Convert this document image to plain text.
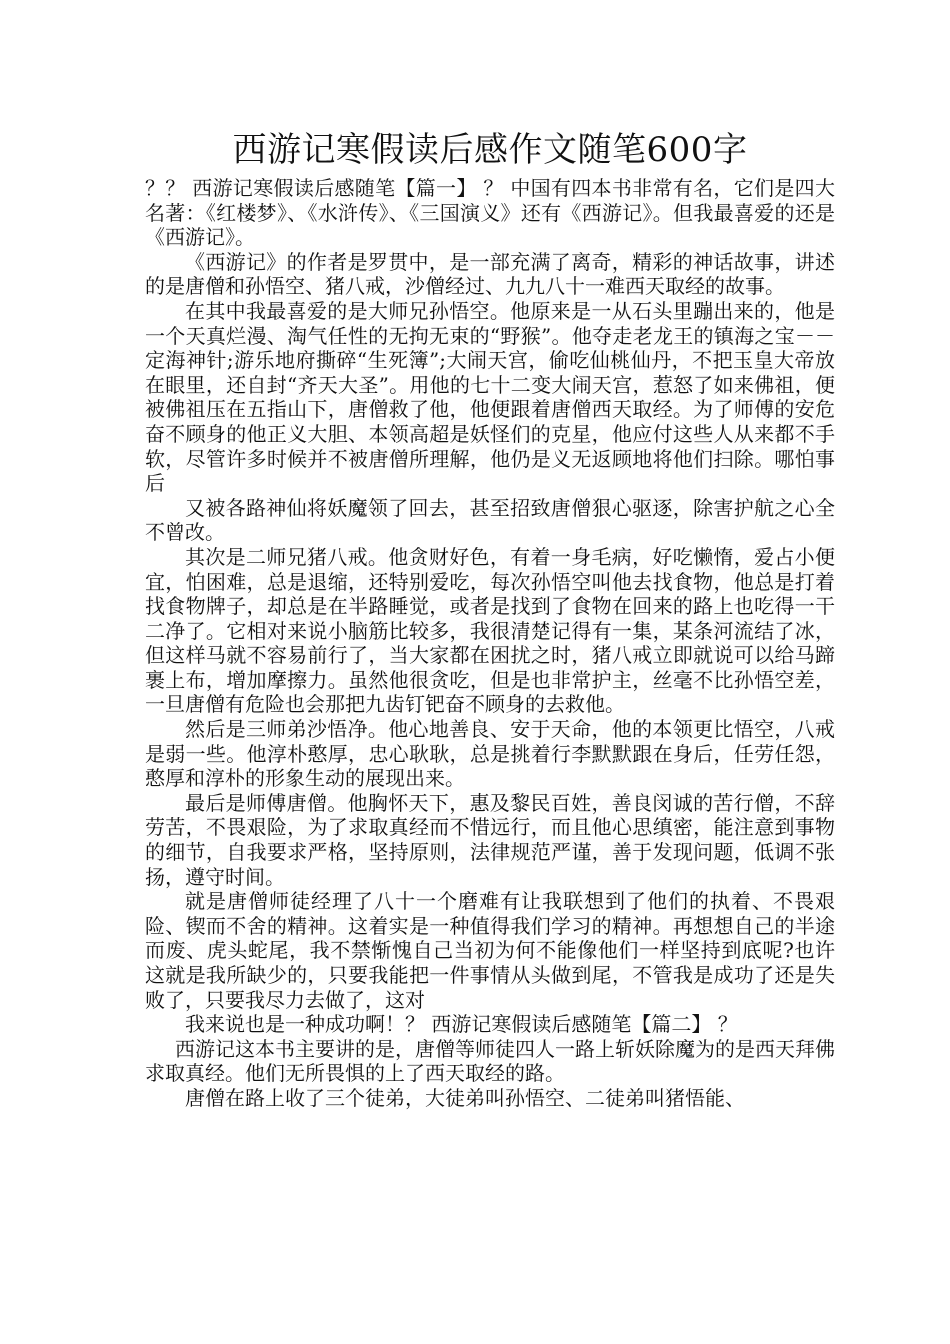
西游记寒假读后感作文随笔600字

？？ 西游记寒假读后感随笔【篇一】 ？ 中国有四本书非常有名，它们是四大名著：《红楼梦》、《水浒传》、《三国演义》还有《西游记》。但我最喜爱的还是《西游记》。

《西游记》的作者是罗贯中，是一部充满了离奇，精彩的神话故事，讲述的是唐僧和孙悟空、猪八戒，沙僧经过、九九八十一难西天取经的故事。

在其中我最喜爱的是大师兄孙悟空。他原来是一从石头里蹦出来的，他是一个天真烂漫、淘气任性的无拘无束的“野猴”。他夺走老龙王的镇海之宝－－定海神针;游乐地府撕碎“生死簿”;大闹天宫，偷吃仙桃仙丹，不把玉皇大帝放在眼里，还自封“齐天大圣”。用他的七十二变大闹天宫，惹怒了如来佛祖，便被佛祖压在五指山下，唐僧救了他，他便跟着唐僧西天取经。为了师傅的安危奋不顾身的他正义大胆、本领高超是妖怪们的克星，他应付这些人从来都不手软，尽管许多时候并不被唐僧所理解，他仍是义无返顾地将他们扫除。哪怕事后

又被各路神仙将妖魔领了回去，甚至招致唐僧狠心驱逐，除害护航之心全不曾改。

其次是二师兄猪八戒。他贪财好色，有着一身毛病，好吃懒惰，爱占小便宜，怕困难，总是退缩，还特别爱吃，每次孙悟空叫他去找食物，他总是打着找食物牌子，却总是在半路睡觉，或者是找到了食物在回来的路上也吃得一干二净了。它相对来说小脑筋比较多，我很清楚记得有一集，某条河流结了冰，但这样马就不容易前行了，当大家都在困扰之时，猪八戒立即就说可以给马蹄裹上布，增加摩擦力。虽然他很贪吃，但是也非常护主，丝毫不比孙悟空差，一旦唐僧有危险也会那把九齿钉钯奋不顾身的去救他。

然后是三师弟沙悟净。他心地善良、安于天命，他的本领更比悟空，八戒是弱一些。他淳朴憨厚，忠心耿耿，总是挑着行李默默跟在身后，任劳任怨，憨厚和淳朴的形象生动的展现出来。

最后是师傅唐僧。他胸怀天下，惠及黎民百姓，善良闵诚的苦行僧，不辞劳苦，不畏艰险，为了求取真经而不惜远行，而且他心思缜密，能注意到事物的细节，自我要求严格，坚持原则，法律规范严谨，善于发现问题，低调不张扬，遵守时间。

就是唐僧师徒经理了八十一个磨难有让我联想到了他们的执着、不畏艰险、锲而不舍的精神。这着实是一种值得我们学习的精神。再想想自己的半途而废、虎头蛇尾，我不禁惭愧自己当初为何不能像他们一样坚持到底呢?也许这就是我所缺少的，只要我能把一件事情从头做到尾，不管我是成功了还是失败了，只要我尽力去做了，这对

我来说也是一种成功啊！？ 西游记寒假读后感随笔【篇二】 ？

西游记这本书主要讲的是，唐僧等师徒四人一路上斩妖除魔为的是西天拜佛求取真经。他们无所畏惧的上了西天取经的路。

唐僧在路上收了三个徒弟，大徒弟叫孙悟空、二徒弟叫猪悟能、
